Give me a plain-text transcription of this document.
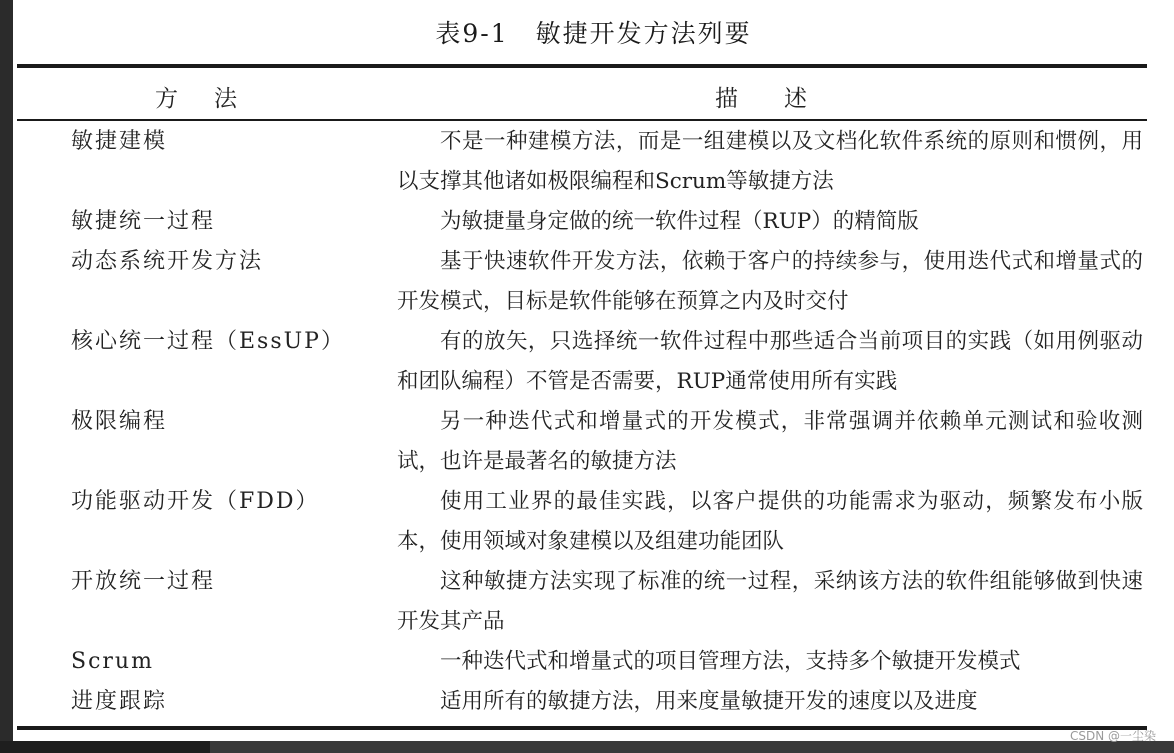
表9-1　敏捷开发方法列要
方法	描述
敏捷建模	不是一种建模方法，而是一组建模以及文档化软件系统的原则和惯例，用以支撑其他诸如极限编程和Scrum等敏捷方法
敏捷统一过程	为敏捷量身定做的统一软件过程（RUP）的精简版
动态系统开发方法	基于快速软件开发方法，依赖于客户的持续参与，使用迭代式和增量式的开发模式，目标是软件能够在预算之内及时交付
核心统一过程（EssUP）	有的放矢，只选择统一软件过程中那些适合当前项目的实践（如用例驱动和团队编程）不管是否需要，RUP通常使用所有实践
极限编程	另一种迭代式和增量式的开发模式，非常强调并依赖单元测试和验收测试，也许是最著名的敏捷方法
功能驱动开发（FDD）	使用工业界的最佳实践，以客户提供的功能需求为驱动，频繁发布小版本，使用领域对象建模以及组建功能团队
开放统一过程	这种敏捷方法实现了标准的统一过程，采纳该方法的软件组能够做到快速开发其产品
Scrum	一种迭代式和增量式的项目管理方法，支持多个敏捷开发模式
进度跟踪	适用所有的敏捷方法，用来度量敏捷开发的速度以及进度
CSDN @一尘染
